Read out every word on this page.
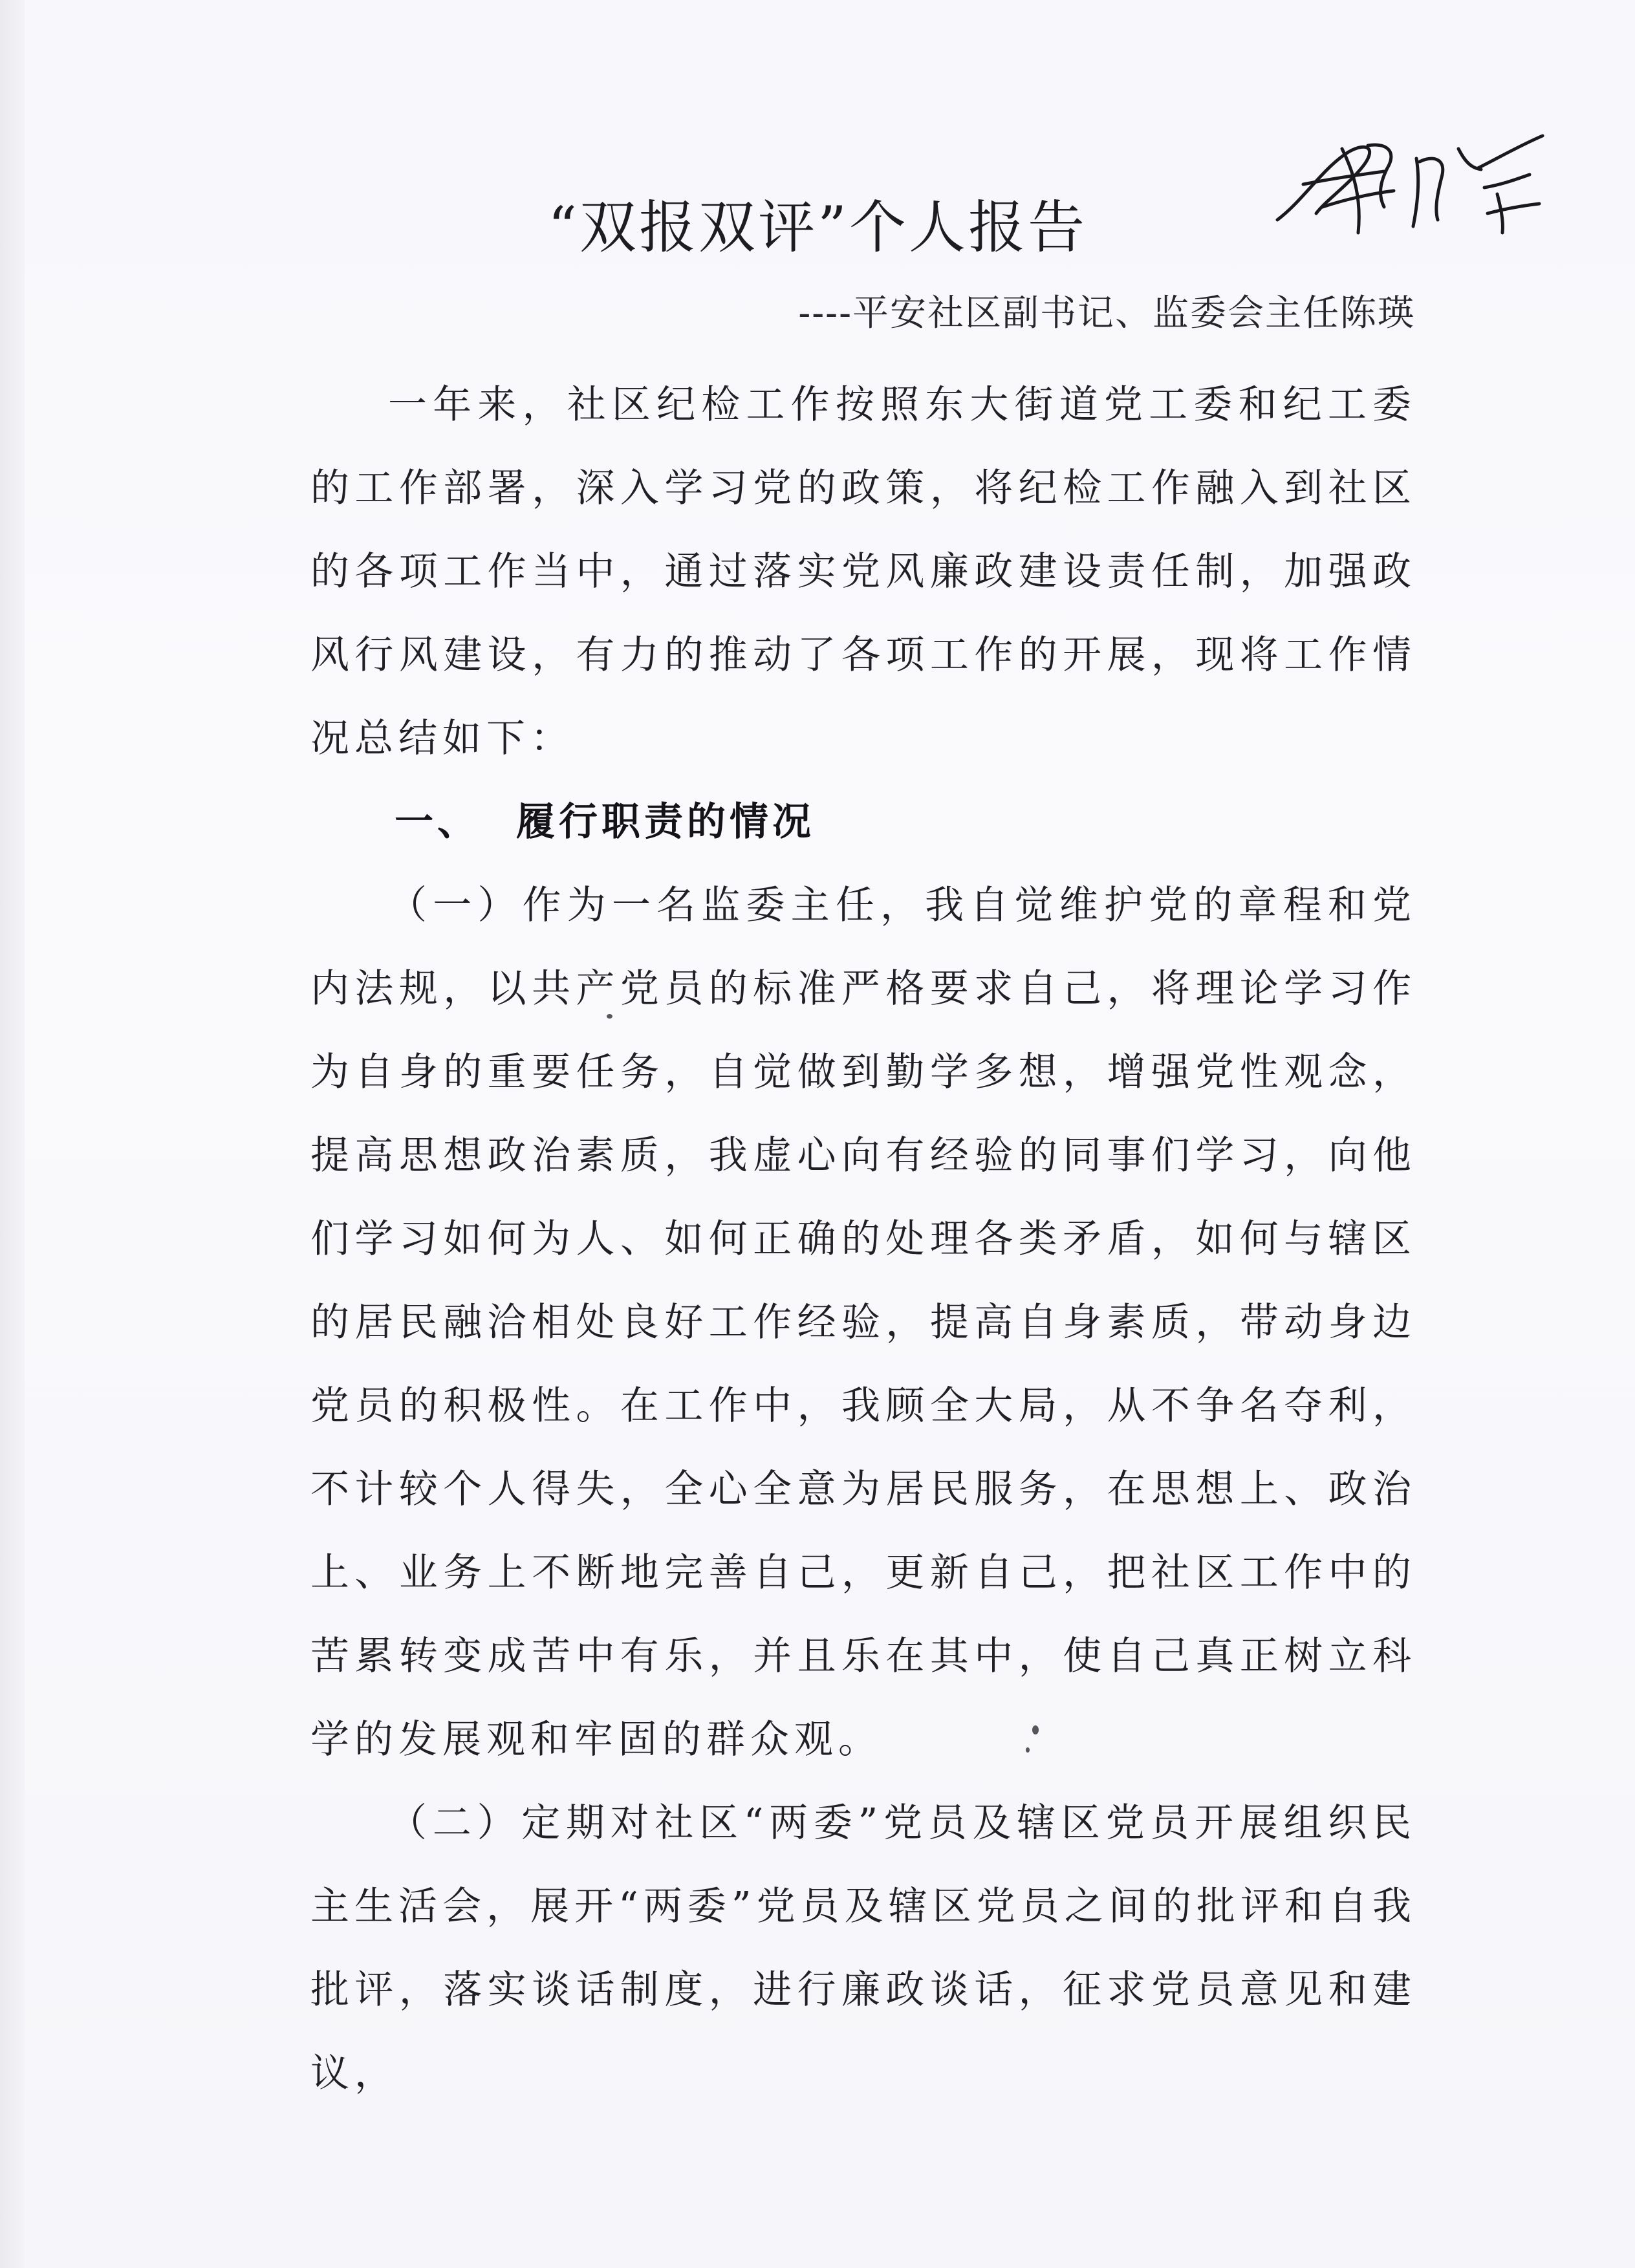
“双报双评”个人报告
----平安社区副书记、监委会主任陈瑛

一年来，社区纪检工作按照东大街道党工委和纪工委的工作部署，深入学习党的政策，将纪检工作融入到社区的各项工作当中，通过落实党风廉政建设责任制，加强政风行风建设，有力的推动了各项工作的开展，现将工作情况总结如下：

一、 履行职责的情况

（一）作为一名监委主任，我自觉维护党的章程和党内法规，以共产党员的标准严格要求自己，将理论学习作为自身的重要任务，自觉做到勤学多想，增强党性观念，提高思想政治素质，我虚心向有经验的同事们学习，向他们学习如何为人、如何正确的处理各类矛盾，如何与辖区的居民融洽相处良好工作经验，提高自身素质，带动身边党员的积极性。在工作中，我顾全大局，从不争名夺利，不计较个人得失，全心全意为居民服务，在思想上、政治上、业务上不断地完善自己，更新自己，把社区工作中的苦累转变成苦中有乐，并且乐在其中，使自己真正树立科学的发展观和牢固的群众观。

（二）定期对社区“两委”党员及辖区党员开展组织民主生活会，展开“两委”党员及辖区党员之间的批评和自我批评，落实谈话制度，进行廉政谈话，征求党员意见和建议，
